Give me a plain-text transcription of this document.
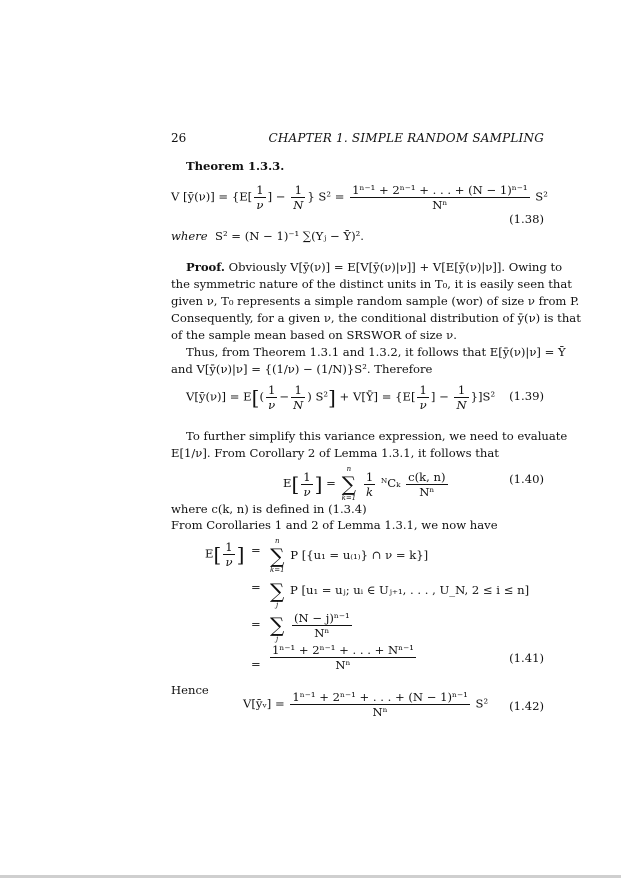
26	CHAPTER 1. SIMPLE RANDOM SAMPLING
Theorem 1.3.3.
V [ȳ(ν)] = {$E[ \frac{1}{\nu}$ ] − $\frac{1}{N}$ } $S^2 = \frac{\text{1ⁿ⁻¹ + 2ⁿ⁻¹ + . . . + (N − 1)ⁿ⁻¹}}{\text{Nⁿ}} S^2$
(1.38)
where S² = (N − 1)⁻¹ ∑(Yⱼ − Ȳ)².
Proof. Obviously V[ȳ(ν)] = E[V[ȳ(ν)|ν]] + V[E[ȳ(ν)|ν]]. Owing to
the symmetric nature of the distinct units in T₀, it is easily seen that
given ν, T₀ represents a simple random sample (wor) of size ν from P.
Consequently, for a given ν, the conditional distribution of ȳ(ν) is that
of the sample mean based on SRSWOR of size ν.
Thus, from Theorem 1.3.1 and 1.3.2, it follows that E[ȳ(ν)|ν] = Ȳ
and V[ȳ(ν)|ν] = {(1/ν) − (1/N)}S². Therefore
V[ȳ(ν)] = $E[( \frac{1}{\nu} - \frac{1}{N}$ ) S²] + V[Ȳ] = {$E[ \frac{1}{\nu}$ ] − $\frac{1}{N} \}]S^2$ (1.39)
To further simplify this variance expression, we need to evaluate
E[1/ν]. From Corollary 2 of Lemma 1.3.1, it follows that
$E[ \frac{1}{\nu}$ ] =
n
∑
k=1
$\frac{1}{k}$ ᴺCₖ $\frac{c(k, n)}{\text{Nⁿ}}$	(1.40)
where c(k, n) is defined in (1.3.4)
From Corollaries 1 and 2 of Lemma 1.3.1, we now have
$E[ \frac{1}{\nu}$ ] =
n
∑
k=1
P [{u₁ = u₍₁₎} ∩ ν = k}]
=
∑
j
P [u₁ = uⱼ; uᵢ ∈ Uⱼ₊₁, . . . , U_N, 2 ≤ i ≤ n]
=
∑
j
	$\frac{\text{(N − j)ⁿ⁻¹}}{\text{Nⁿ}}$
= $\frac{\text{1ⁿ⁻¹ + 2ⁿ⁻¹ + . . . + Nⁿ⁻¹}}{\text{Nⁿ}}$	(1.41)
Hence
V[ȳᵥ] = $\frac{\text{1ⁿ⁻¹ + 2ⁿ⁻¹ + . . . + (N − 1)ⁿ⁻¹}}{\text{Nⁿ}} S^2$ (1.42)
